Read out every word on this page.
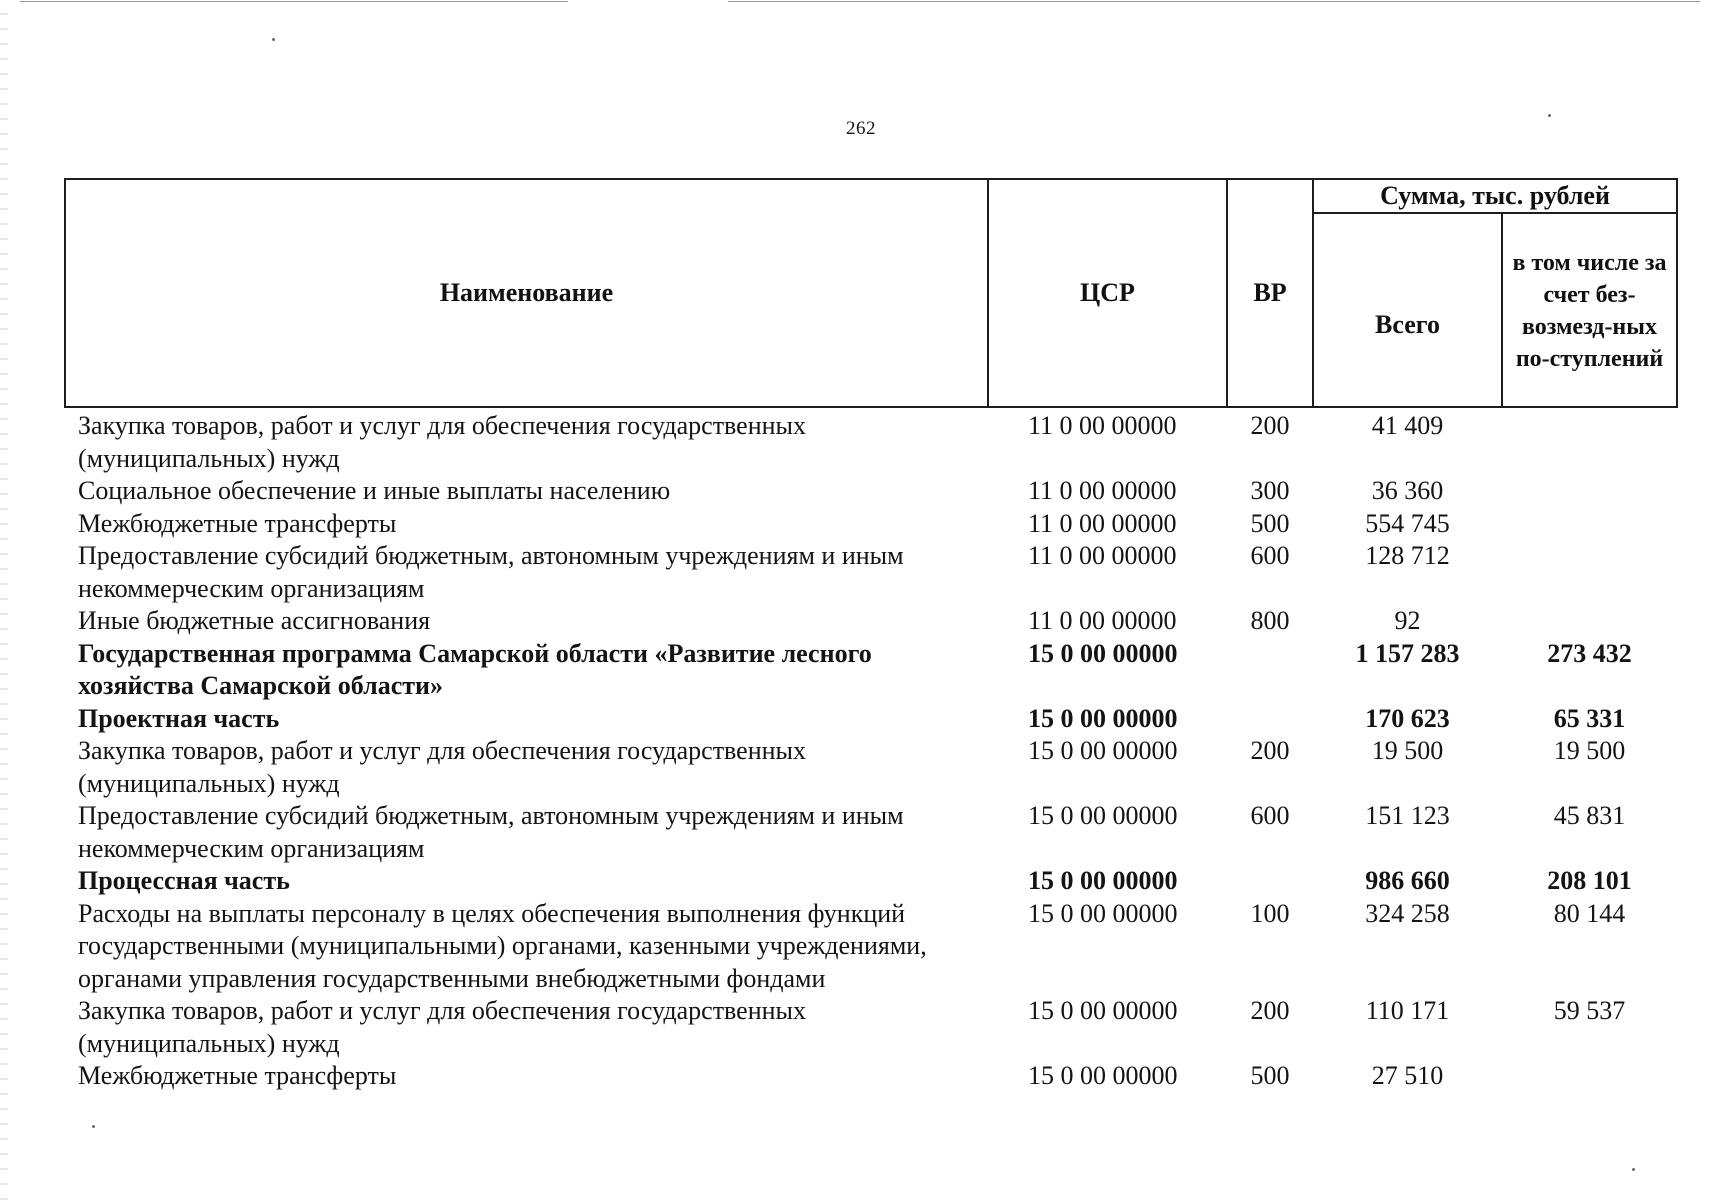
262
Наименование	ЦСР	ВР	Сумма, тыс. рублей	
			Всего	в том числе за счет без-возмезд-ных по-ступлений
Закупка товаров, работ и услуг для обеспечения государственных (муниципальных) нужд	11 0 00 00000	200	41 409	
Социальное обеспечение и иные выплаты населению	11 0 00 00000	300	36 360	
Межбюджетные трансферты	11 0 00 00000	500	554 745	
Предоставление субсидий бюджетным, автономным учреждениям и иным некоммерческим организациям	11 0 00 00000	600	128 712	
Иные бюджетные ассигнования	11 0 00 00000	800	92	
Государственная программа Самарской области «Развитие лесного хозяйства Самарской области»	15 0 00 00000		1 157 283	273 432
Проектная часть	15 0 00 00000		170 623	65 331
Закупка товаров, работ и услуг для обеспечения государственных (муниципальных) нужд	15 0 00 00000	200	19 500	19 500
Предоставление субсидий бюджетным, автономным учреждениям и иным некоммерческим организациям	15 0 00 00000	600	151 123	45 831
Процессная часть	15 0 00 00000		986 660	208 101
Расходы на выплаты персоналу в целях обеспечения выполнения функций государственными (муниципальными) органами, казенными учреждениями, органами управления государственными внебюджетными фондами	15 0 00 00000	100	324 258	80 144
Закупка товаров, работ и услуг для обеспечения государственных (муниципальных) нужд	15 0 00 00000	200	110 171	59 537
Межбюджетные трансферты	15 0 00 00000	500	27 510	
